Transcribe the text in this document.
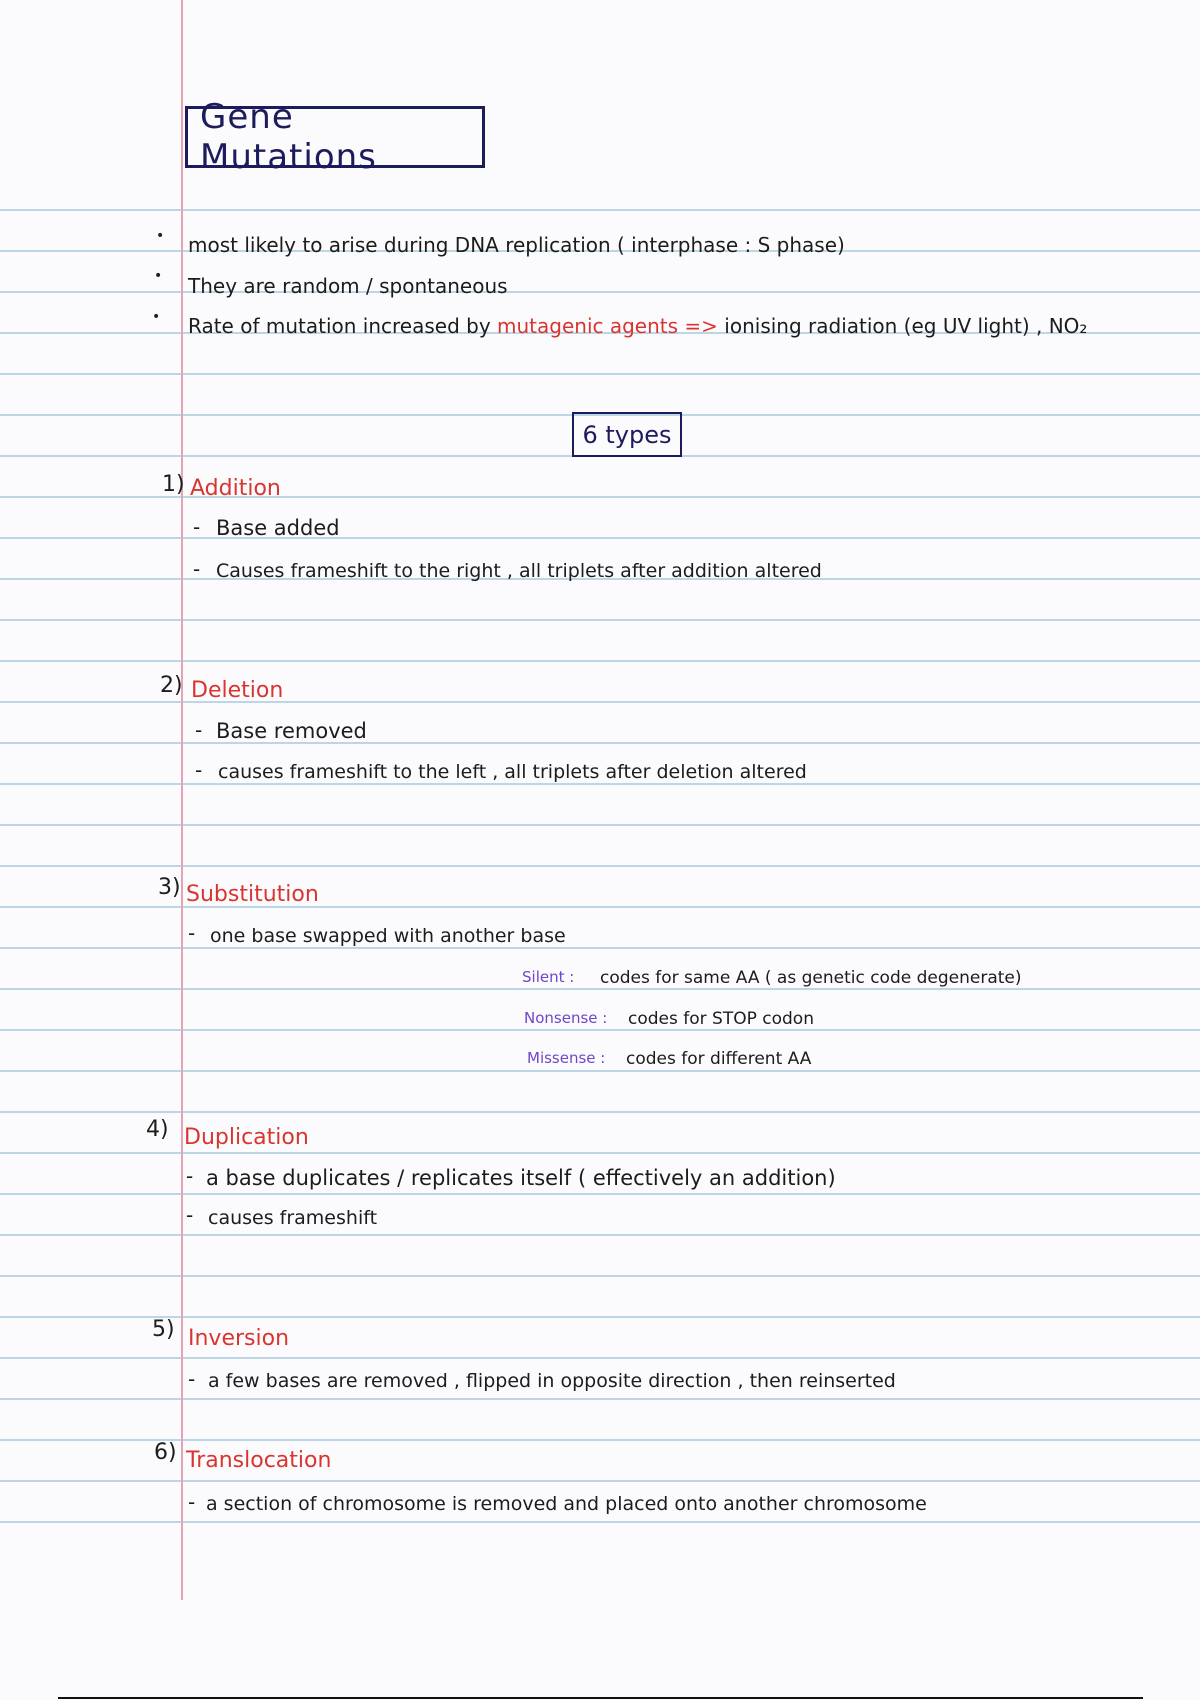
Gene Mutations
• most likely to arise during DNA replication ( interphase : S phase)
• They are random / spontaneous
• Rate of mutation increased by mutagenic agents => ionising radiation (eg UV light) , NO₂
6 types
1) Addition
- Base added
- Causes frameshift to the right , all triplets after addition altered
2) Deletion
- Base removed
- causes frameshift to the left , all triplets after deletion altered
3) Substitution
- one base swapped with another base
Silent : codes for same AA ( as genetic code degenerate)
Nonsense : codes for STOP codon
Missense : codes for different AA
4) Duplication
- a base duplicates / replicates itself ( effectively an addition)
- causes frameshift
5) Inversion
- a few bases are removed , flipped in opposite direction , then reinserted
6) Translocation
- a section of chromosome is removed and placed onto another chromosome
